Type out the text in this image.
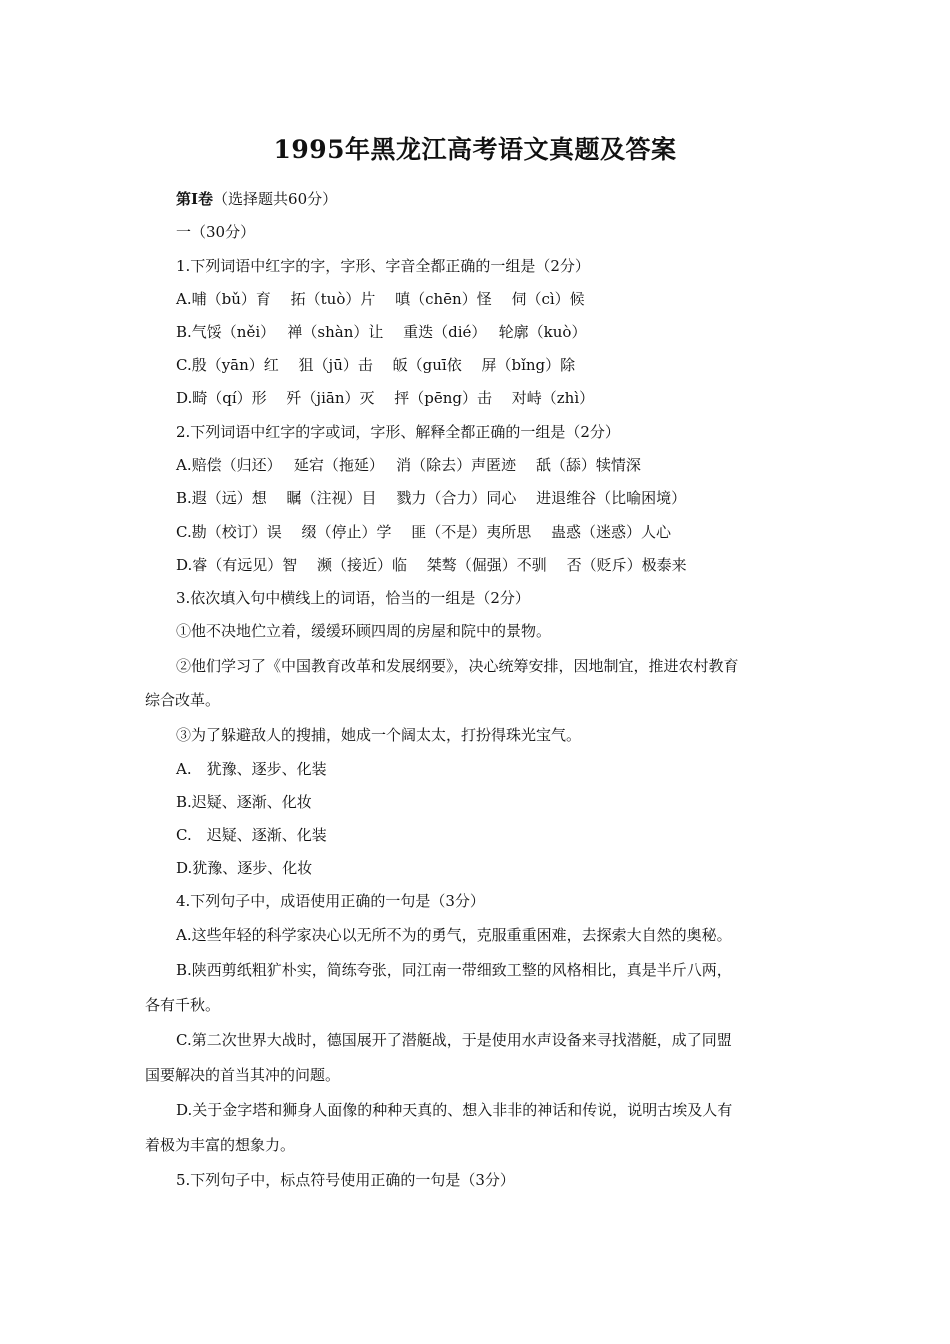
1995年黑龙江高考语文真题及答案
第Ⅰ卷（选择题共60分）
一（30分）
1.下列词语中红字的字，字形、字音全都正确的一组是（2分）
A.哺（bǔ）育　 拓（tuò）片　 嗔（chēn）怪　 伺（cì）候
B.气馁（něi）　 禅（shàn）让　 重迭（dié）　 轮廓（kuò）
C.殷（yān）红　 狙（jū）击　 皈（guī依　 屏（bǐng）除
D.畸（qí）形　 歼（jiān）灭　 抨（pēng）击　 对峙（zhì）
2.下列词语中红字的字或词，字形、解释全都正确的一组是（2分）
A.赔偿（归还）　 延宕（拖延）　 消（除去）声匿迹　 舐（舔）犊情深
B.遐（远）想　 瞩（注视）目　 戮力（合力）同心　 进退维谷（比喻困境）
C.勘（校订）误　 缀（停止）学　 匪（不是）夷所思　 蛊惑（迷惑）人心
D.睿（有远见）智　 濒（接近）临　 桀骜（倔强）不驯　 否（贬斥）极泰来
3.依次填入句中横线上的词语，恰当的一组是（2分）
①他不决地伫立着，缓缓环顾四周的房屋和院中的景物。
②他们学习了《中国教育改革和发展纲要》，决心统筹安排，因地制宜，推进农村教育
综合改革。
③为了躲避敌人的搜捕，她成一个阔太太，打扮得珠光宝气。
A.　犹豫、逐步、化装
B.迟疑、逐渐、化妆
C.　迟疑、逐渐、化装
D.犹豫、逐步、化妆
4.下列句子中，成语使用正确的一句是（3分）
A.这些年轻的科学家决心以无所不为的勇气，克服重重困难，去探索大自然的奥秘。
B.陕西剪纸粗犷朴实，简练夸张，同江南一带细致工整的风格相比，真是半斤八两，
各有千秋。
C.第二次世界大战时，德国展开了潜艇战，于是使用水声设备来寻找潜艇，成了同盟
国要解决的首当其冲的问题。
D.关于金字塔和狮身人面像的种种天真的、想入非非的神话和传说，说明古埃及人有
着极为丰富的想象力。
5.下列句子中，标点符号使用正确的一句是（3分）
